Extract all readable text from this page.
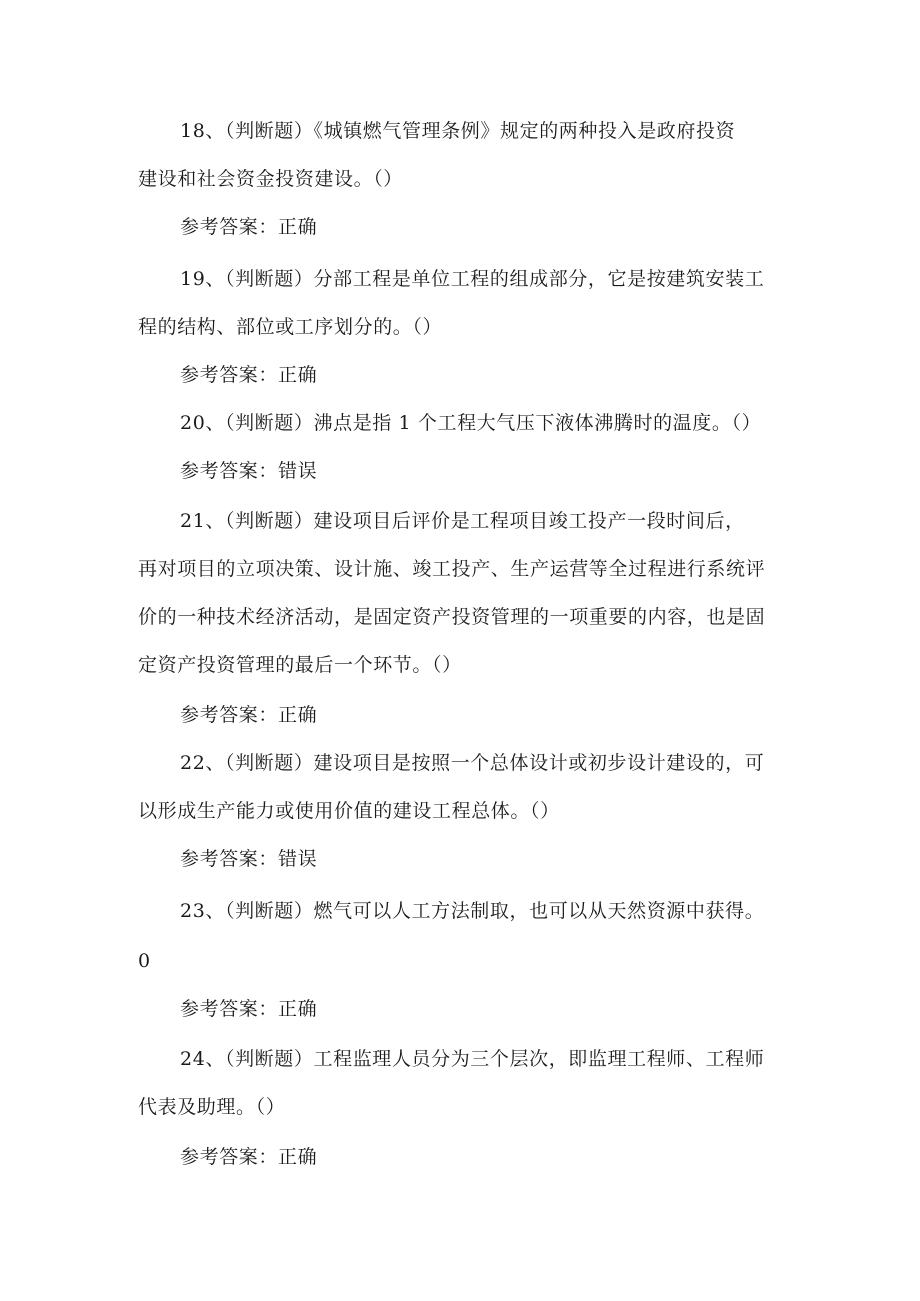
18、（判断题）《城镇燃气管理条例》规定的两种投入是政府投资
建设和社会资金投资建设。（）
参考答案：正确
19、（判断题）分部工程是单位工程的组成部分，它是按建筑安装工
程的结构、部位或工序划分的。（）
参考答案：正确
20、（判断题）沸点是指 1 个工程大气压下液体沸腾时的温度。（）
参考答案：错误
21、（判断题）建设项目后评价是工程项目竣工投产一段时间后，
再对项目的立项决策、设计施、竣工投产、生产运营等全过程进行系统评
价的一种技术经济活动，是固定资产投资管理的一项重要的内容，也是固
定资产投资管理的最后一个环节。（）
参考答案：正确
22、（判断题）建设项目是按照一个总体设计或初步设计建设的，可
以形成生产能力或使用价值的建设工程总体。（）
参考答案：错误
23、（判断题）燃气可以人工方法制取，也可以从天然资源中获得。
0
参考答案：正确
24、（判断题）工程监理人员分为三个层次，即监理工程师、工程师
代表及助理。（）
参考答案：正确
